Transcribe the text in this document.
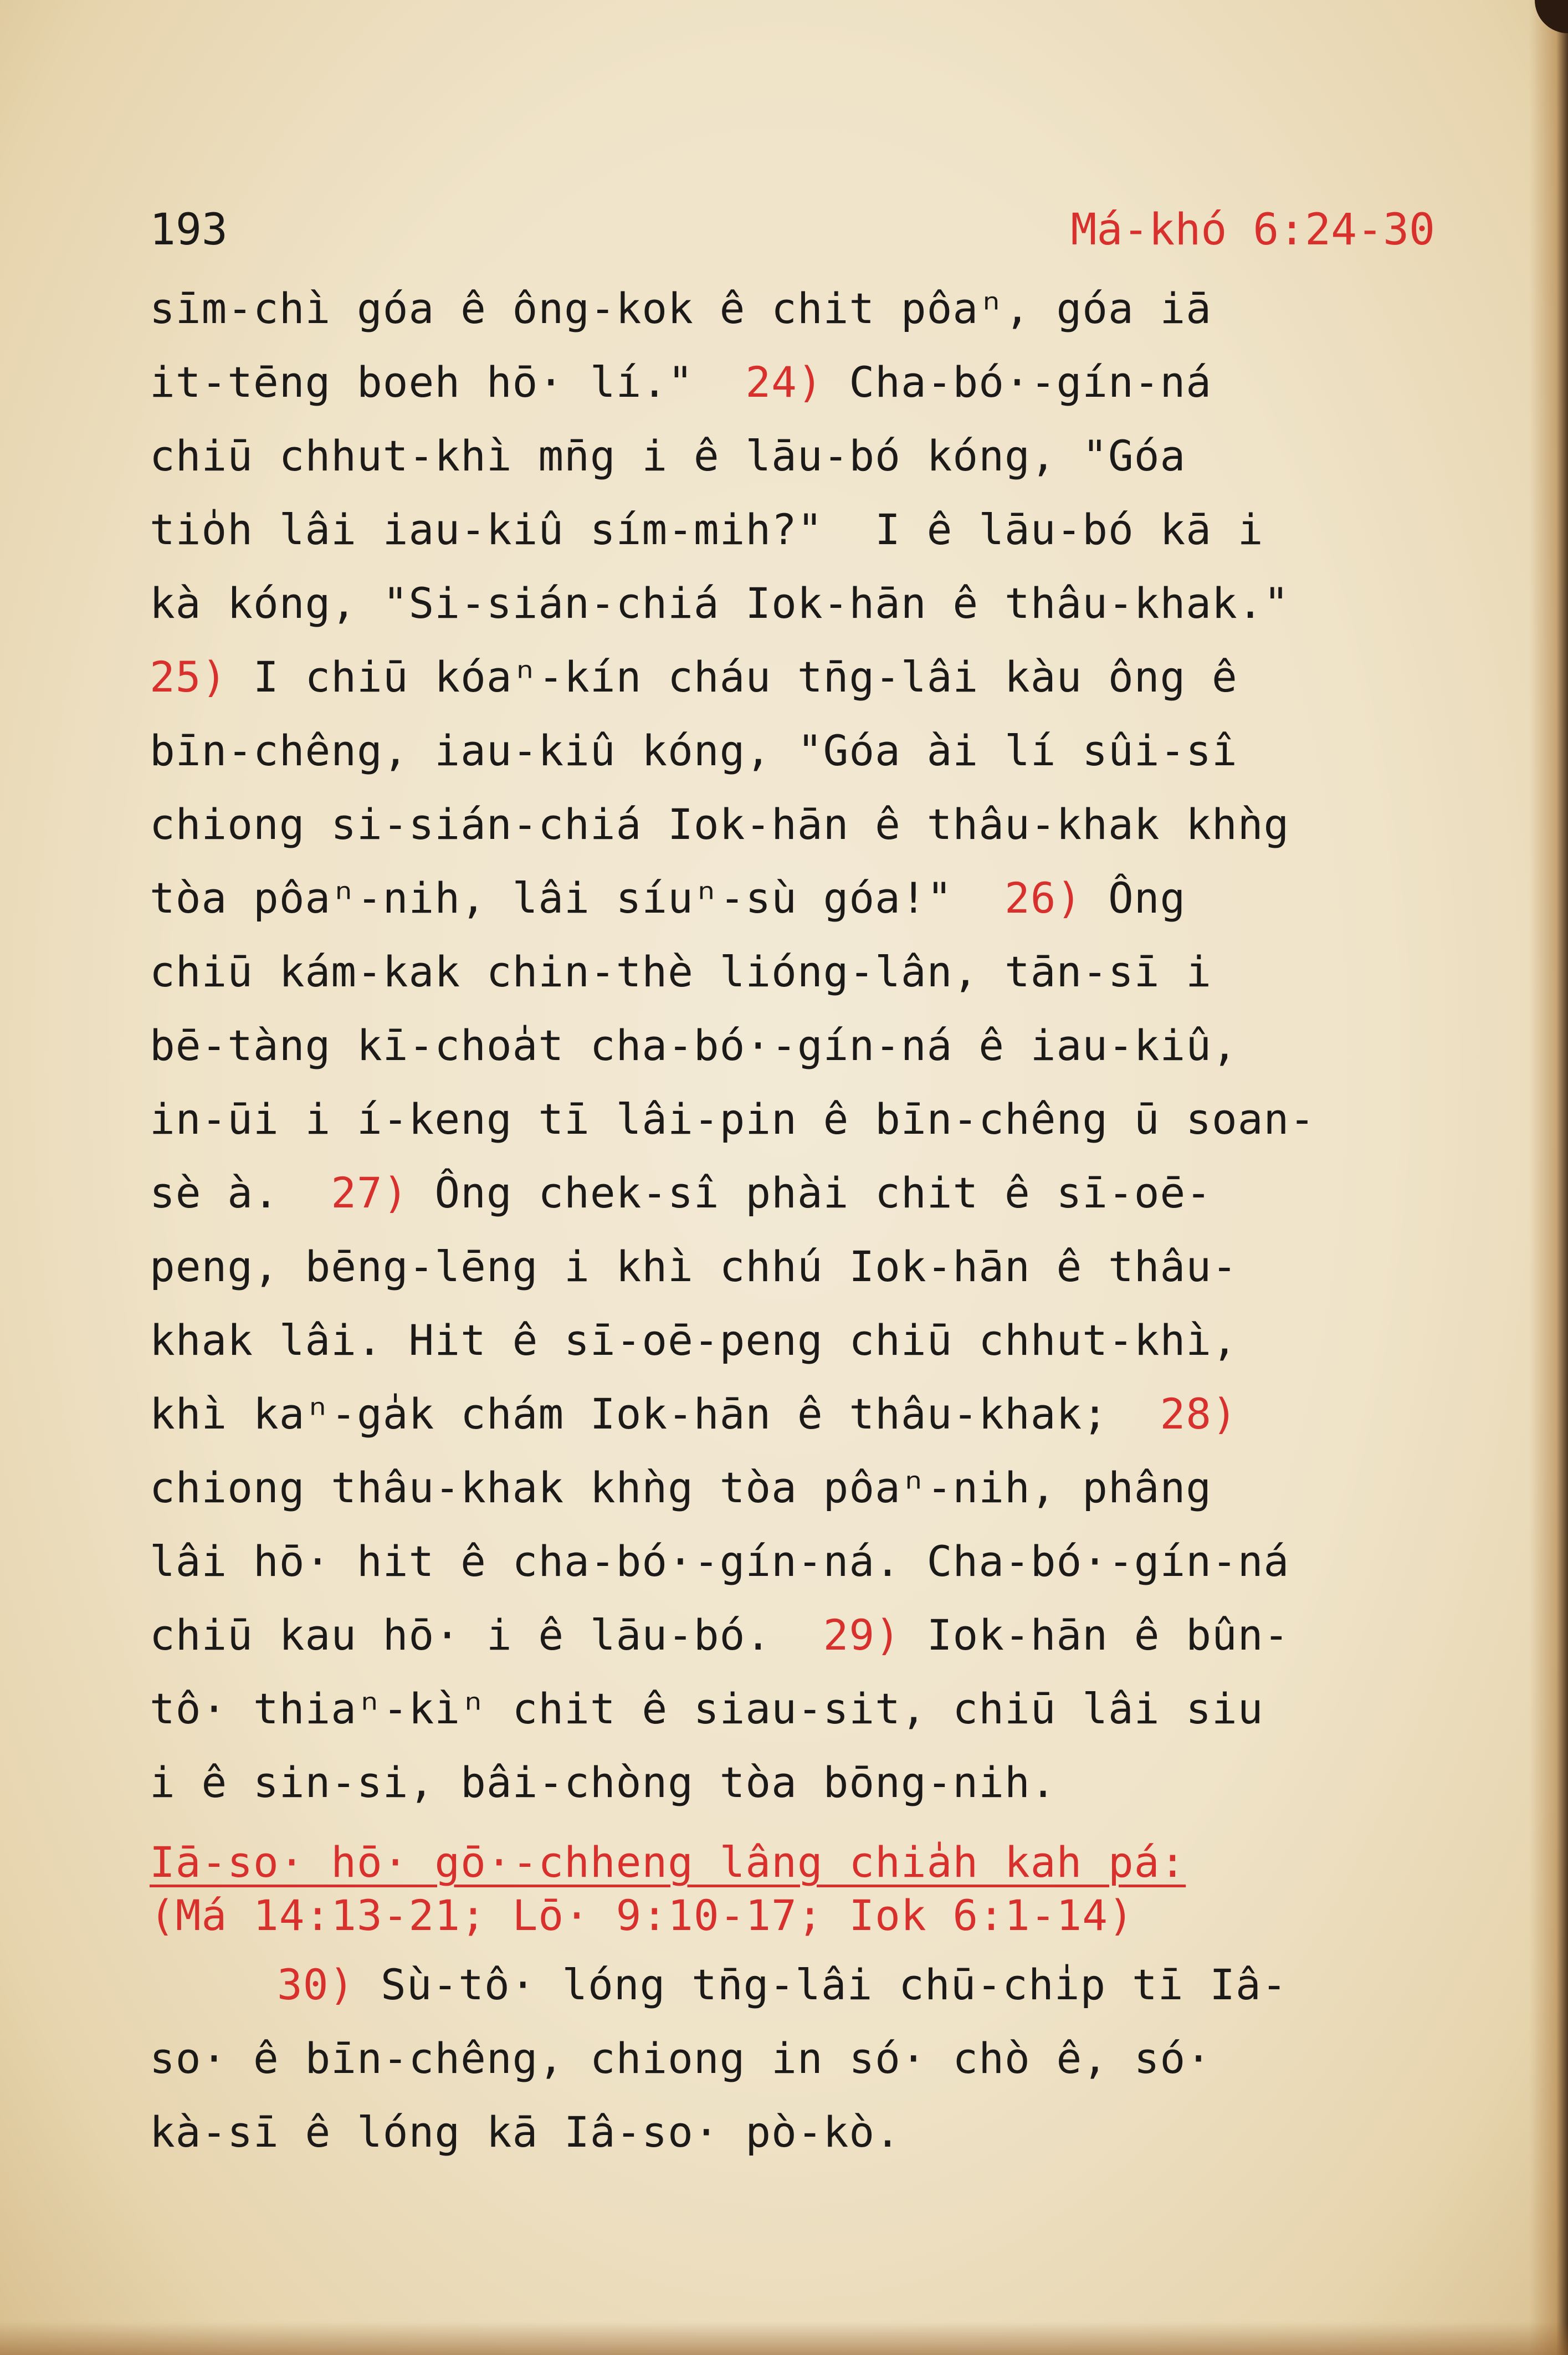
193	Má-khó 6:24-30
sīm-chì góa ê ông-kok ê chit pôaⁿ, góa iā
it-tēng boeh hō· lí."  24) Cha-bó·-gín-ná
chiū chhut-khì mn̄g i ê lāu-bó kóng, "Góa
tio̍h lâi iau-kiû sím-mih?"  I ê lāu-bó kā i
kà kóng, "Si-sián-chiá Iok-hān ê thâu-khak."
25) I chiū kóaⁿ-kín cháu tn̄g-lâi kàu ông ê
bīn-chêng, iau-kiû kóng, "Góa ài lí sûi-sî
chiong si-sián-chiá Iok-hān ê thâu-khak khǹg
tòa pôaⁿ-nih, lâi síuⁿ-sù góa!"  26) Ông
chiū kám-kak chin-thè lióng-lân, tān-sī i
bē-tàng kī-choa̍t cha-bó·-gín-ná ê iau-kiû,
in-ūi i í-keng tī lâi-pin ê bīn-chêng ū soan-
sè à.  27) Ông chek-sî phài chit ê sī-oē-
peng, bēng-lēng i khì chhú Iok-hān ê thâu-
khak lâi. Hit ê sī-oē-peng chiū chhut-khì,
khì kaⁿ-ga̍k chám Iok-hān ê thâu-khak;  28)
chiong thâu-khak khǹg tòa pôaⁿ-nih, phâng
lâi hō· hit ê cha-bó·-gín-ná. Cha-bó·-gín-ná
chiū kau hō· i ê lāu-bó.  29) Iok-hān ê bûn-
tô· thiaⁿ-kìⁿ chit ê siau-sit, chiū lâi siu
i ê sin-si, bâi-chòng tòa bōng-nih.
Iā-so· hō· gō·-chheng lâng chia̍h kah pá:
(Má 14:13-21; Lō· 9:10-17; Iok 6:1-14)
30) Sù-tô· lóng tn̄g-lâi chū-chi̍p tī Iâ-
so· ê bīn-chêng, chiong in só· chò ê, só·
kà-sī ê lóng kā Iâ-so· pò-kò.
